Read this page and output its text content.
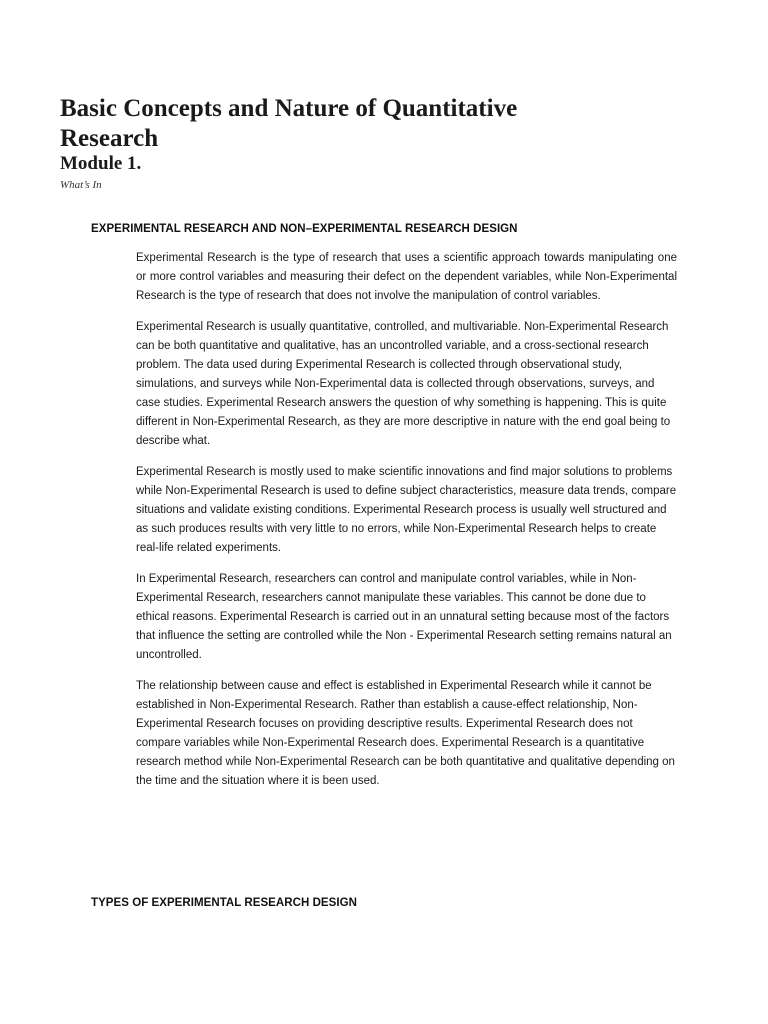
Basic Concepts and Nature of Quantitative
Research
Module 1.

What’s In

EXPERIMENTAL RESEARCH AND NON–EXPERIMENTAL RESEARCH DESIGN

Experimental Research is the type of research that uses a scientific approach towards manipulating one or more control variables and measuring their defect on the dependent variables, while Non-Experimental Research is the type of research that does not involve the manipulation of control variables.

Experimental Research is usually quantitative, controlled, and multivariable. Non-Experimental Research can be both quantitative and qualitative, has an uncontrolled variable, and a cross-sectional research problem. The data used during Experimental Research is collected through observational study, simulations, and surveys while Non-Experimental data is collected through observations, surveys, and case studies. Experimental Research answers the question of why something is happening. This is quite different in Non-Experimental Research, as they are more descriptive in nature with the end goal being to describe what.

Experimental Research is mostly used to make scientific innovations and find major solutions to problems while Non-Experimental Research is used to define subject characteristics, measure data trends, compare situations and validate existing conditions. Experimental Research process is usually well structured and as such produces results with very little to no errors, while Non-Experimental Research helps to create real-life related experiments.

In Experimental Research, researchers can control and manipulate control variables, while in Non-Experimental Research, researchers cannot manipulate these variables. This cannot be done due to ethical reasons. Experimental Research is carried out in an unnatural setting because most of the factors that influence the setting are controlled while the Non - Experimental Research setting remains natural an uncontrolled.

The relationship between cause and effect is established in Experimental Research while it cannot be established in Non-Experimental Research. Rather than establish a cause-effect relationship, Non-Experimental Research focuses on providing descriptive results. Experimental Research does not compare variables while Non-Experimental Research does. Experimental Research is a quantitative research method while Non-Experimental Research can be both quantitative and qualitative depending on the time and the situation where it is been used.

TYPES OF EXPERIMENTAL RESEARCH DESIGN
